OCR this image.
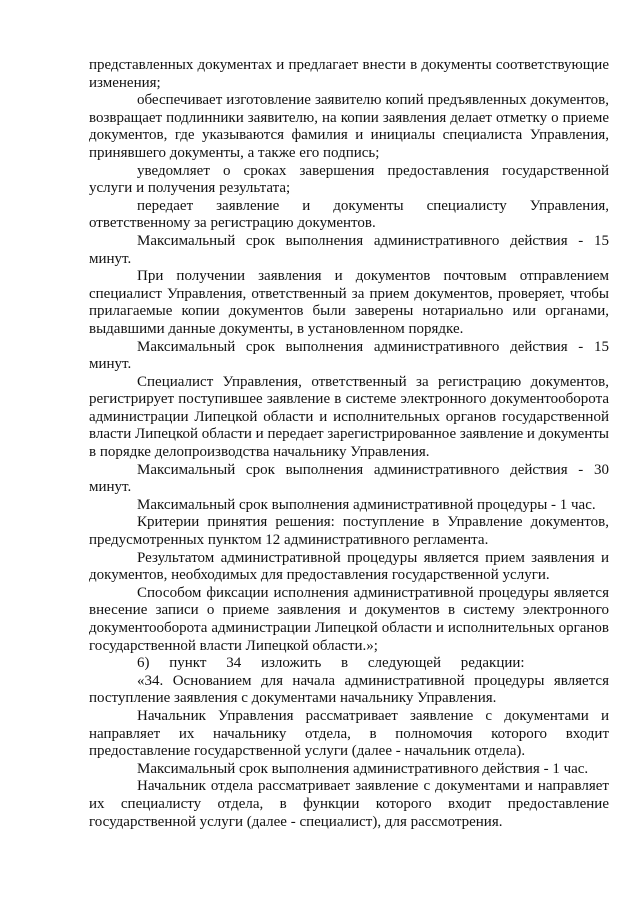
представленных документах и предлагает внести в документы соответствующие изменения;

обеспечивает изготовление заявителю копий предъявленных документов, возвращает подлинники заявителю, на копии заявления делает отметку о приеме документов, где указываются фамилия и инициалы специалиста Управления, принявшего документы, а также его подпись;

уведомляет о сроках завершения предоставления государственной услуги и получения результата;

передает заявление и документы специалисту Управления, ответственному за регистрацию документов.

Максимальный срок выполнения административного действия - 15 минут.

При получении заявления и документов почтовым отправлением специалист Управления, ответственный за прием документов, проверяет, чтобы прилагаемые копии документов были заверены нотариально или органами, выдавшими данные документы, в установленном порядке.

Максимальный срок выполнения административного действия - 15 минут.

Специалист Управления, ответственный за регистрацию документов, регистрирует поступившее заявление в системе электронного документооборота администрации Липецкой области и исполнительных органов государственной власти Липецкой области и передает зарегистрированное заявление и документы в порядке делопроизводства начальнику Управления.

Максимальный срок выполнения административного действия - 30 минут.

Максимальный срок выполнения административной процедуры - 1 час.

Критерии принятия решения: поступление в Управление документов, предусмотренных пунктом 12 административного регламента.

Результатом административной процедуры является прием заявления и документов, необходимых для предоставления государственной услуги.

Способом фиксации исполнения административной процедуры является внесение записи о приеме заявления и документов в систему электронного документооборота администрации Липецкой области и исполнительных органов государственной власти Липецкой области.»;

6) пункт 34 изложить в следующей редакции:

«34. Основанием для начала административной процедуры является поступление заявления с документами начальнику Управления.

Начальник Управления рассматривает заявление с документами и направляет их начальнику отдела, в полномочия которого входит предоставление государственной услуги (далее - начальник отдела).

Максимальный срок выполнения административного действия - 1 час.

Начальник отдела рассматривает заявление с документами и направляет их специалисту отдела, в функции которого входит предоставление государственной услуги (далее - специалист), для рассмотрения.
